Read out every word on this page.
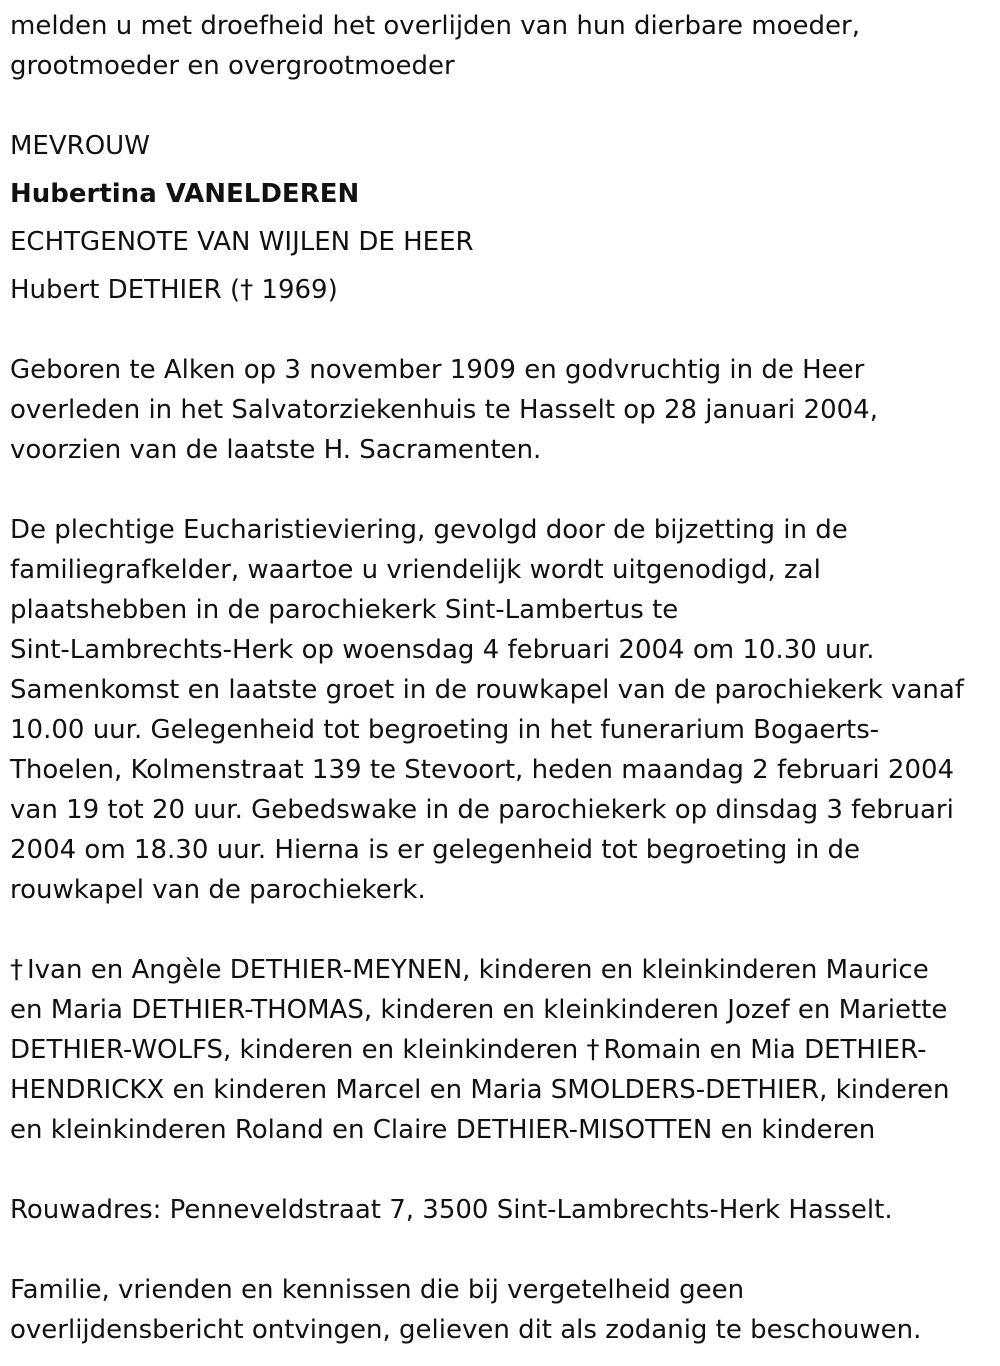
melden u met droefheid het overlijden van hun dierbare moeder,
grootmoeder en overgrootmoeder
MEVROUW
Hubertina VANELDEREN
ECHTGENOTE VAN WIJLEN DE HEER
Hubert DETHIER († 1969)
Geboren te Alken op 3 november 1909 en godvruchtig in de Heer
overleden in het Salvatorziekenhuis te Hasselt op 28 januari 2004,
voorzien van de laatste H. Sacramenten.
De plechtige Eucharistieviering, gevolgd door de bijzetting in de
familiegrafkelder, waartoe u vriendelijk wordt uitgenodigd, zal
plaatshebben in de parochiekerk Sint-Lambertus te
Sint-Lambrechts-Herk op woensdag 4 februari 2004 om 10.30 uur.
Samenkomst en laatste groet in de rouwkapel van de parochiekerk vanaf
10.00 uur. Gelegenheid tot begroeting in het funerarium Bogaerts-
Thoelen, Kolmenstraat 139 te Stevoort, heden maandag 2 februari 2004
van 19 tot 20 uur. Gebedswake in de parochiekerk op dinsdag 3 februari
2004 om 18.30 uur. Hierna is er gelegenheid tot begroeting in de
rouwkapel van de parochiekerk.
† Ivan en Angèle DETHIER-MEYNEN, kinderen en kleinkinderen Maurice
en Maria DETHIER-THOMAS, kinderen en kleinkinderen Jozef en Mariette
DETHIER-WOLFS, kinderen en kleinkinderen † Romain en Mia DETHIER-
HENDRICKX en kinderen Marcel en Maria SMOLDERS-DETHIER, kinderen
en kleinkinderen Roland en Claire DETHIER-MISOTTEN en kinderen
Rouwadres: Penneveldstraat 7, 3500 Sint-Lambrechts-Herk Hasselt.
Familie, vrienden en kennissen die bij vergetelheid geen
overlijdensbericht ontvingen, gelieven dit als zodanig te beschouwen.
